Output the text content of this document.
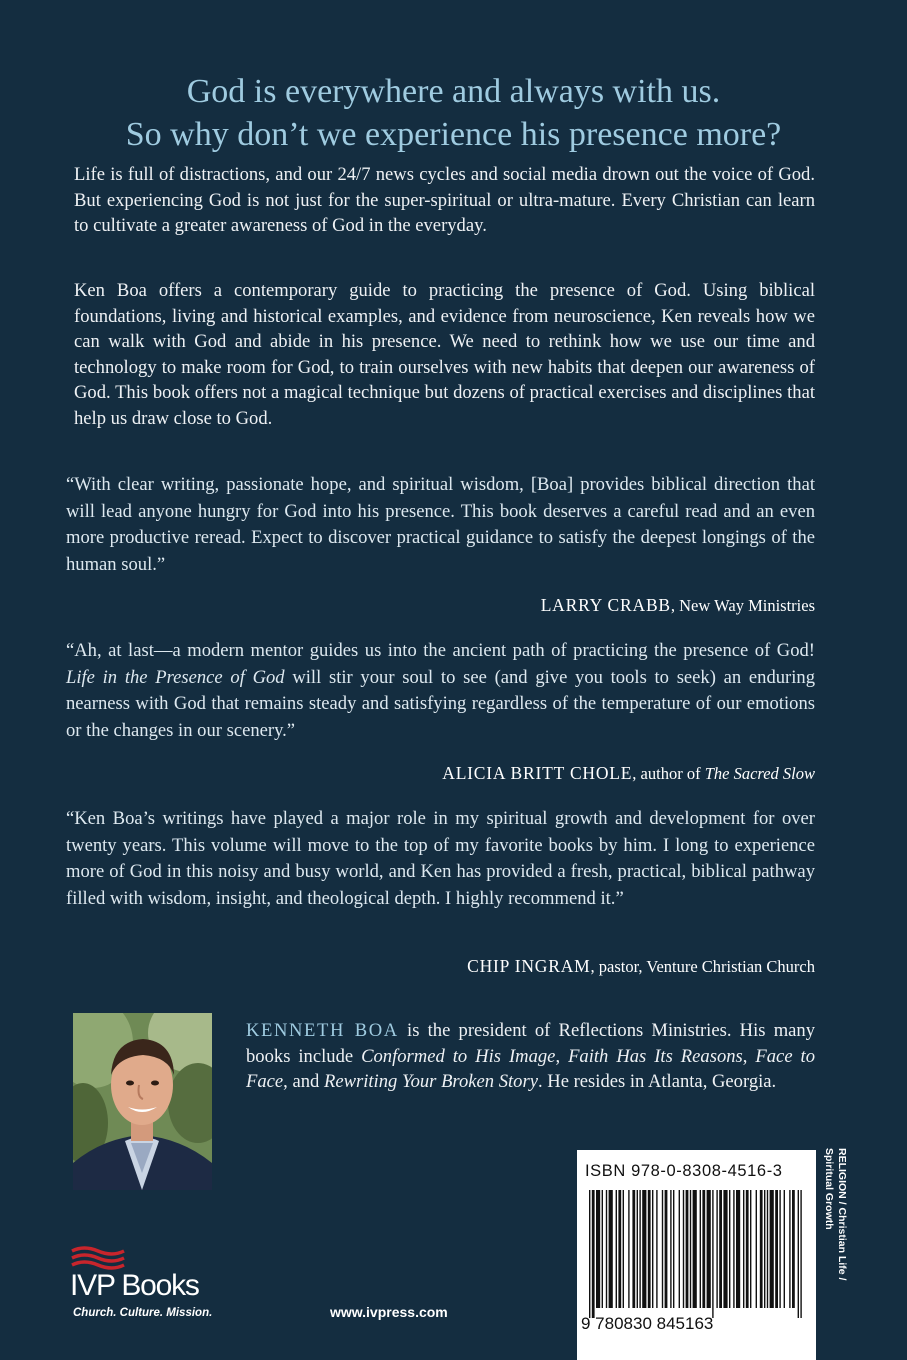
God is everywhere and always with us.
So why don’t we experience his presence more?

Life is full of distractions, and our 24/7 news cycles and social media drown out the voice of God. But experiencing God is not just for the super-spiritual or ultra-mature. Every Christian can learn to cultivate a greater awareness of God in the everyday.

Ken Boa offers a contemporary guide to practicing the presence of God. Using biblical foundations, living and historical examples, and evidence from neuroscience, Ken reveals how we can walk with God and abide in his presence. We need to rethink how we use our time and technology to make room for God, to train ourselves with new habits that deepen our awareness of God. This book offers not a magical technique but dozens of practical exercises and disciplines that help us draw close to God.

“With clear writing, passionate hope, and spiritual wisdom, [Boa] provides biblical direction that will lead anyone hungry for God into his presence. This book deserves a careful read and an even more productive reread. Expect to discover practical guidance to satisfy the deepest longings of the human soul.”

LARRY CRABB, New Way Ministries

“Ah, at last—a modern mentor guides us into the ancient path of practicing the presence of God! Life in the Presence of God will stir your soul to see (and give you tools to seek) an enduring nearness with God that remains steady and satisfying regardless of the temperature of our emotions or the changes in our scenery.”

ALICIA BRITT CHOLE, author of The Sacred Slow

“Ken Boa’s writings have played a major role in my spiritual growth and development for over twenty years. This volume will move to the top of my favorite books by him. I long to experience more of God in this noisy and busy world, and Ken has provided a fresh, practical, biblical pathway filled with wisdom, insight, and theological depth. I highly recommend it.”

CHIP INGRAM, pastor, Venture Christian Church
KENNETH BOA is the president of Reflections Ministries. His many books include Conformed to His Image, Faith Has Its Reasons, Face to Face, and Rewriting Your Broken Story. He resides in Atlanta, Georgia.
ISBN 978-0-8308-4516-3
9 780830 845163
RELIGION / Christian Life /
Spiritual Growth
IVP Books
Church. Culture. Mission.	www.ivpress.com
